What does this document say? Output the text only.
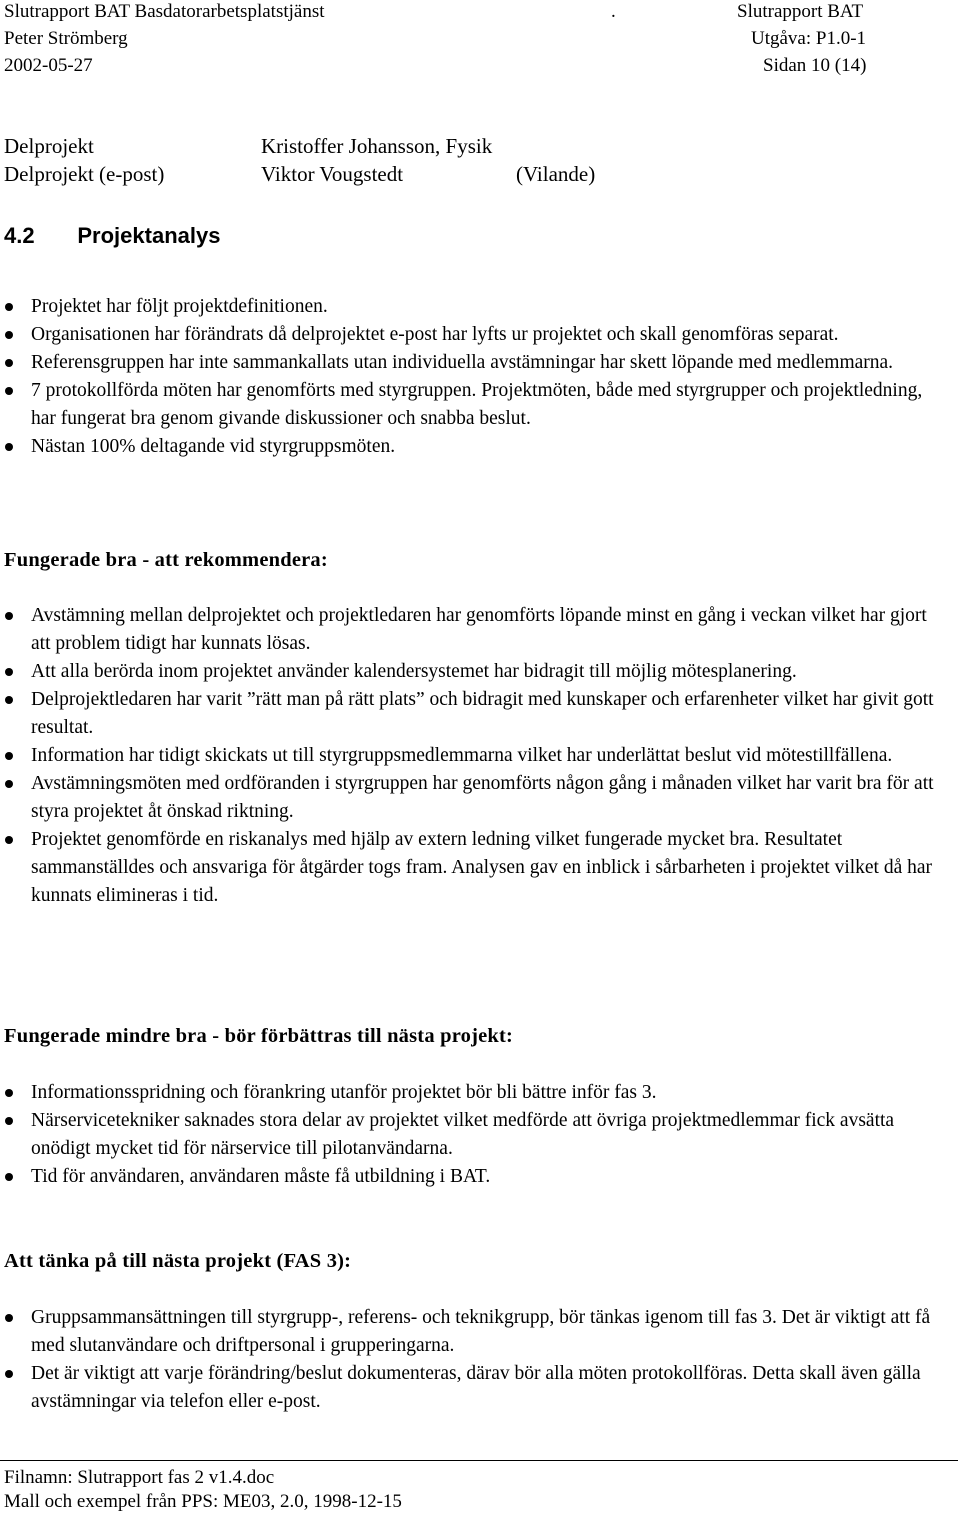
Slutrapport BAT Basdatorarbetsplatstjänst	.	Slutrapport BAT
Peter Strömberg	Utgåva: P1.0-1
2002-05-27	Sidan 10 (14)
Delprojekt	Kristoffer Johansson, Fysik
Delprojekt (e-post)	Viktor Vougstedt	(Vilande)
4.2       Projektanalys
Projektet har följt projektdefinitionen.
Organisationen har förändrats då delprojektet e-post har lyfts ur projektet och skall genomföras separat.
Referensgruppen har inte sammankallats utan individuella avstämningar har skett löpande med medlemmarna.
7 protokollförda möten har genomförts med styrgruppen. Projektmöten, både med styrgrupper och projektledning, har fungerat bra genom givande diskussioner och snabba beslut.
Nästan 100% deltagande vid styrgruppsmöten.
Fungerade bra - att rekommendera:
Avstämning mellan delprojektet och projektledaren har genomförts löpande minst en gång i veckan vilket har gjort att problem tidigt har kunnats lösas.
Att alla berörda inom projektet använder kalendersystemet har bidragit till möjlig mötesplanering.
Delprojektledaren har varit ”rätt man på rätt plats” och bidragit med kunskaper och erfarenheter vilket har givit gott resultat.
Information har tidigt skickats ut till styrgruppsmedlemmarna vilket har underlättat beslut vid mötestillfällena.
Avstämningsmöten med ordföranden i styrgruppen har genomförts någon gång i månaden vilket har varit bra för att styra projektet åt önskad riktning.
Projektet genomförde en riskanalys med hjälp av extern ledning vilket fungerade mycket bra. Resultatet sammanställdes och ansvariga för åtgärder togs fram. Analysen gav en inblick i sårbarheten i projektet vilket då har kunnats elimineras i tid.
Fungerade mindre bra - bör förbättras till nästa projekt:
Informationsspridning och förankring utanför projektet bör bli bättre inför fas 3.
Närservicetekniker saknades stora delar av projektet vilket medförde att övriga projektmedlemmar fick avsätta onödigt mycket tid för närservice till pilotanvändarna.
Tid för användaren, användaren måste få utbildning i BAT.
Att tänka på till nästa projekt (FAS 3):
Gruppsammansättningen till styrgrupp-, referens- och teknikgrupp, bör tänkas igenom till fas 3. Det är viktigt att få med slutanvändare och driftpersonal i grupperingarna.
Det är viktigt att varje förändring/beslut dokumenteras, därav bör alla möten protokollföras. Detta skall även gälla avstämningar via telefon eller e-post.
Filnamn: Slutrapport fas 2 v1.4.doc
Mall och exempel från PPS: ME03, 2.0, 1998-12-15
